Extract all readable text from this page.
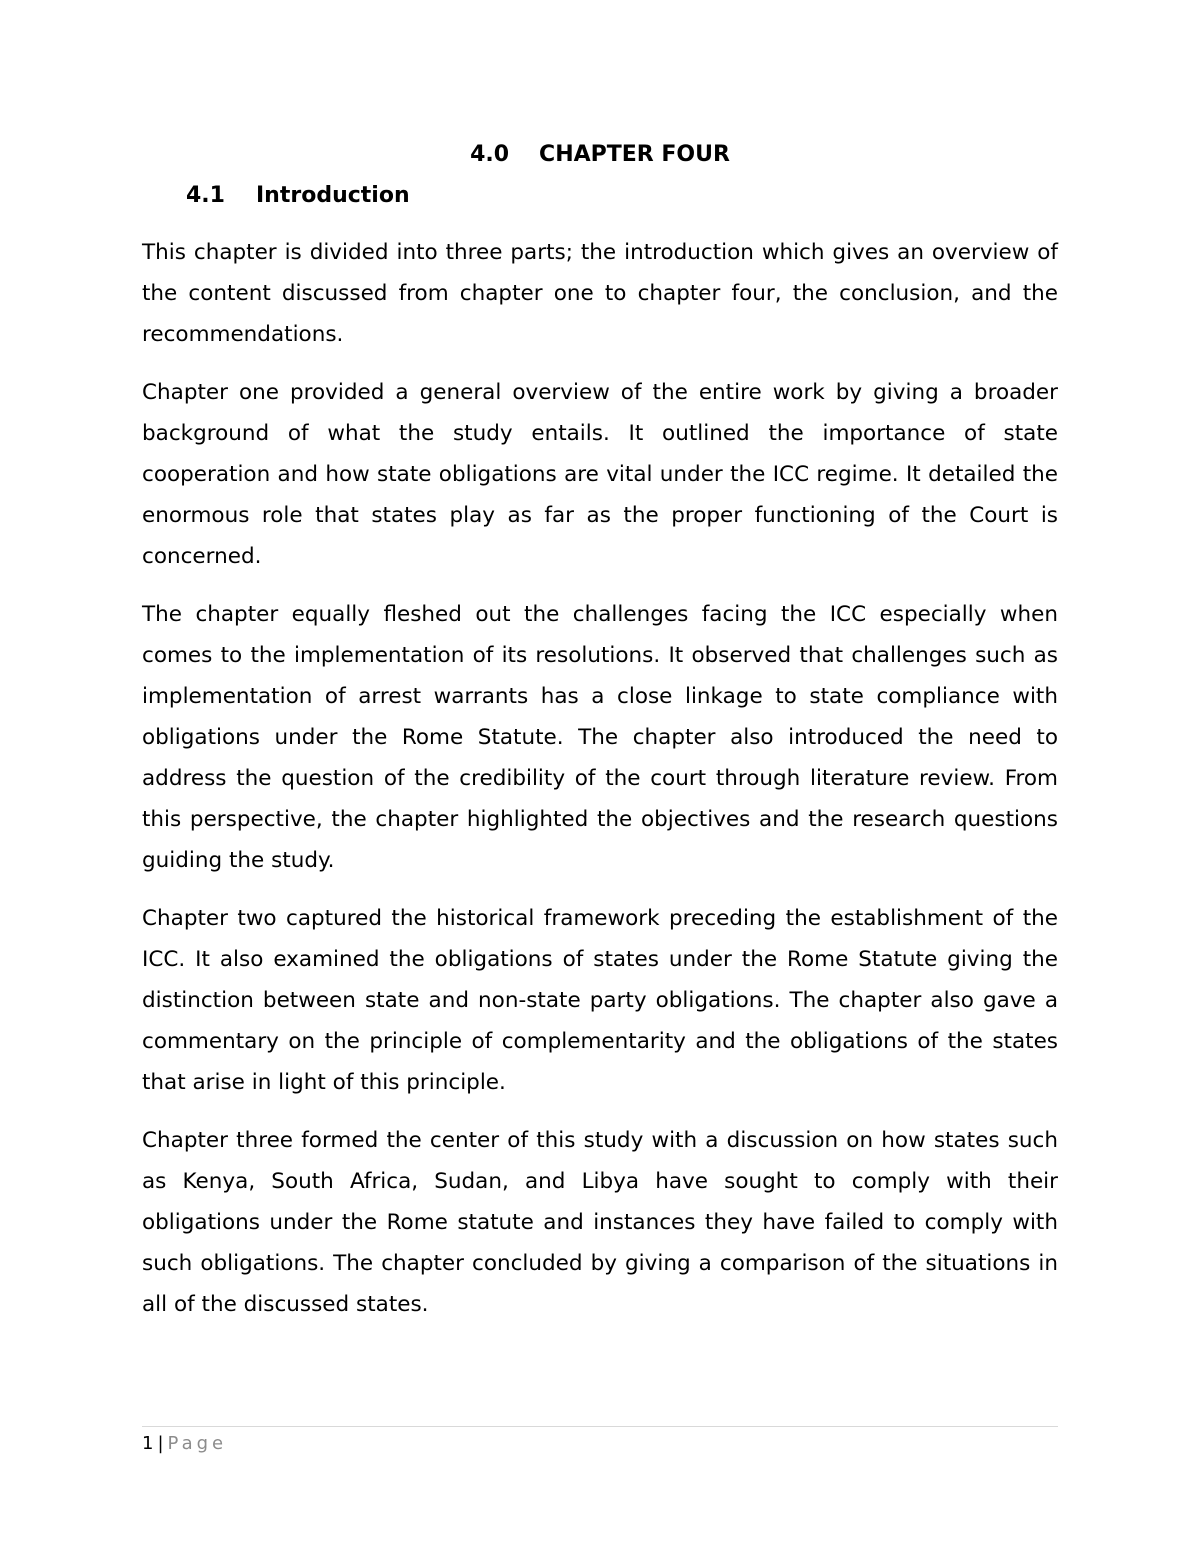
4.0 CHAPTER FOUR
4.1 Introduction

This chapter is divided into three parts; the introduction which gives an overview of the content discussed from chapter one to chapter four, the conclusion, and the recommendations.

Chapter one provided a general overview of the entire work by giving a broader background of what the study entails. It outlined the importance of state cooperation and how state obligations are vital under the ICC regime. It detailed the enormous role that states play as far as the proper functioning of the Court is concerned.

The chapter equally fleshed out the challenges facing the ICC especially when comes to the implementation of its resolutions. It observed that challenges such as implementation of arrest warrants has a close linkage to state compliance with obligations under the Rome Statute. The chapter also introduced the need to address the question of the credibility of the court through literature review. From this perspective, the chapter highlighted the objectives and the research questions guiding the study.

Chapter two captured the historical framework preceding the establishment of the ICC. It also examined the obligations of states under the Rome Statute giving the distinction between state and non-state party obligations. The chapter also gave a commentary on the principle of complementarity and the obligations of the states that arise in light of this principle.

Chapter three formed the center of this study with a discussion on how states such as Kenya, South Africa, Sudan, and Libya have sought to comply with their obligations under the Rome statute and instances they have failed to comply with such obligations. The chapter concluded by giving a comparison of the situations in all of the discussed states.

1 | Page
